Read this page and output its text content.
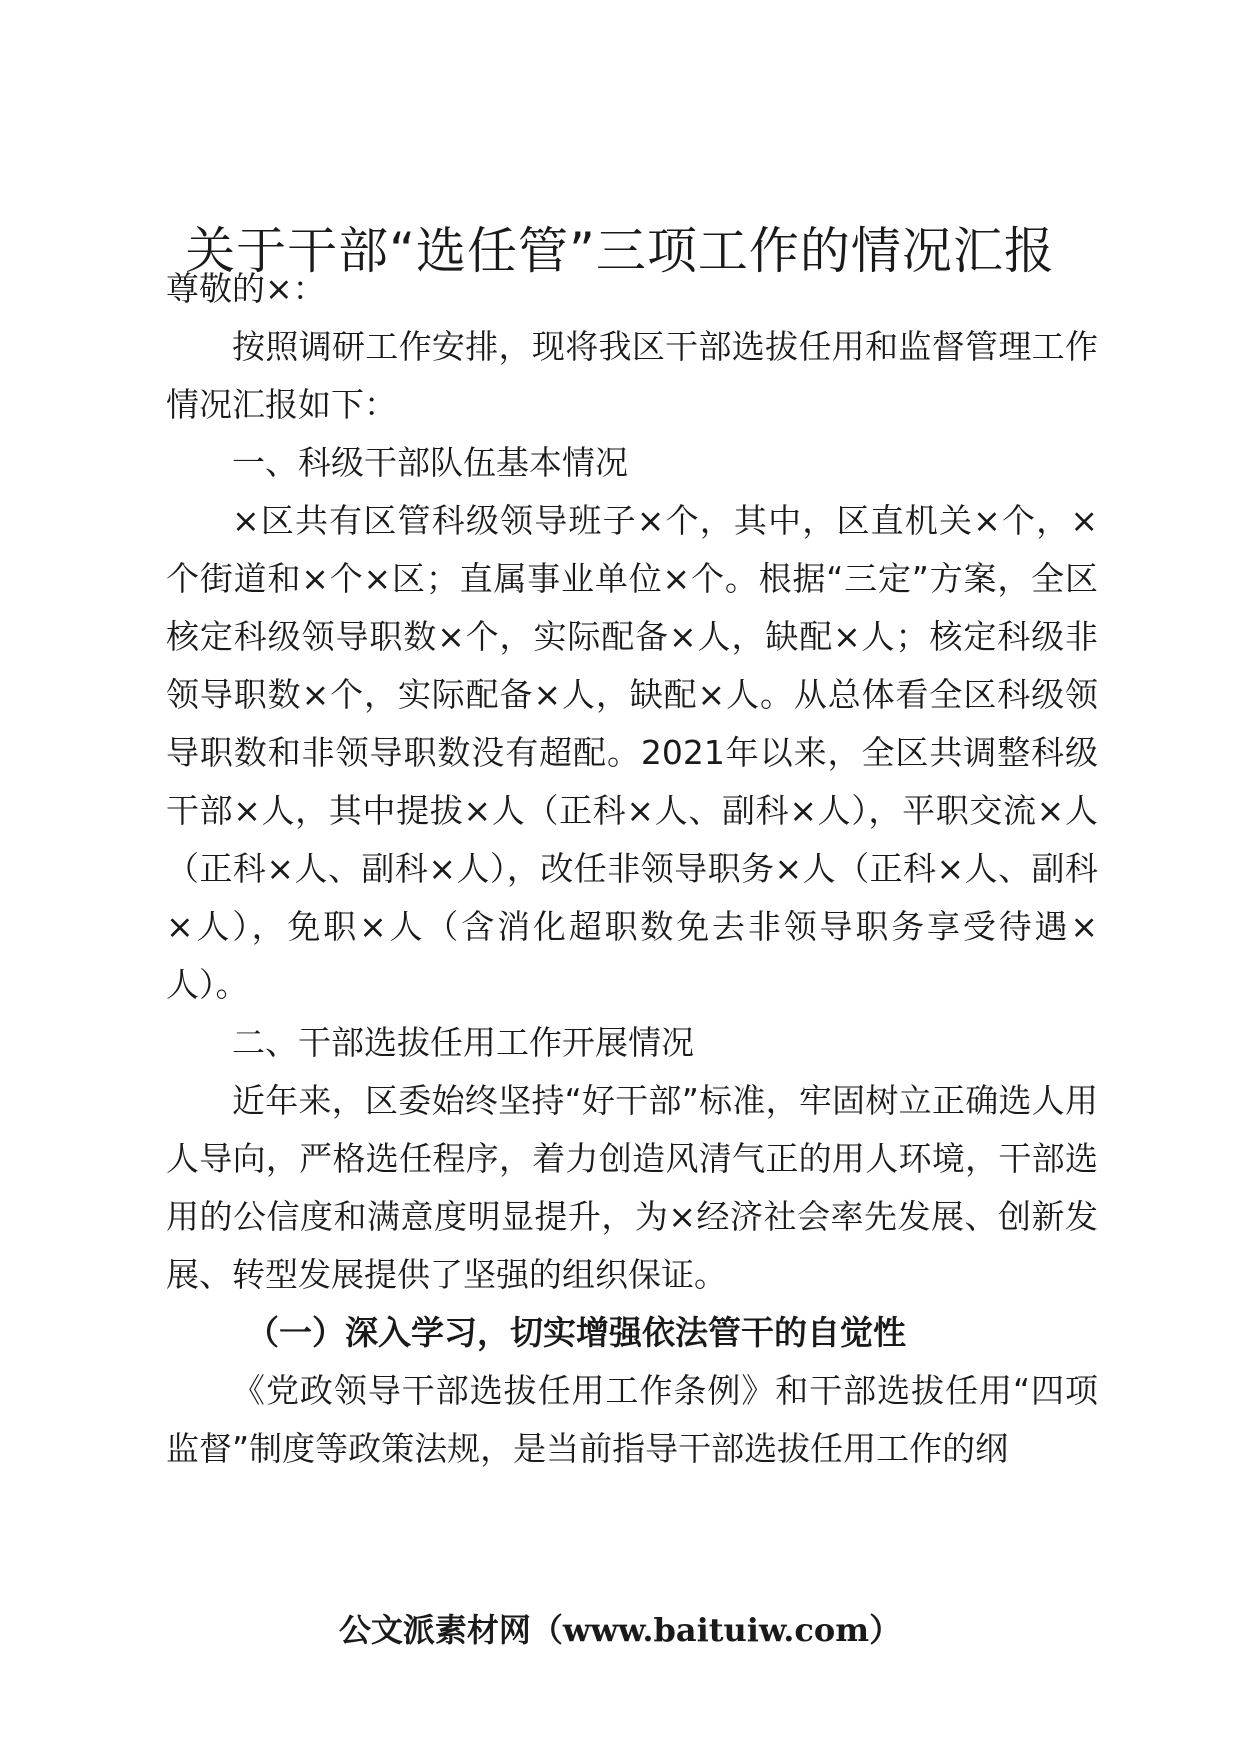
关于干部“选任管”三项工作的情况汇报

尊敬的×：

按照调研工作安排，现将我区干部选拔任用和监督管理工作情况汇报如下：

一、科级干部队伍基本情况

×区共有区管科级领导班子×个，其中，区直机关×个，×个街道和×个×区；直属事业单位×个。根据“三定”方案，全区核定科级领导职数×个，实际配备×人，缺配×人；核定科级非领导职数×个，实际配备×人，缺配×人。从总体看全区科级领导职数和非领导职数没有超配。2021年以来，全区共调整科级干部×人，其中提拔×人（正科×人、副科×人），平职交流×人（正科×人、副科×人），改任非领导职务×人（正科×人、副科×人），免职×人（含消化超职数免去非领导职务享受待遇×人）。

二、干部选拔任用工作开展情况

近年来，区委始终坚持“好干部”标准，牢固树立正确选人用人导向，严格选任程序，着力创造风清气正的用人环境，干部选用的公信度和满意度明显提升，为×经济社会率先发展、创新发展、转型发展提供了坚强的组织保证。

（一）深入学习，切实增强依法管干的自觉性

《党政领导干部选拔任用工作条例》和干部选拔任用“四项监督”制度等政策法规，是当前指导干部选拔任用工作的纲

公文派素材网（www.baituiw.com）
